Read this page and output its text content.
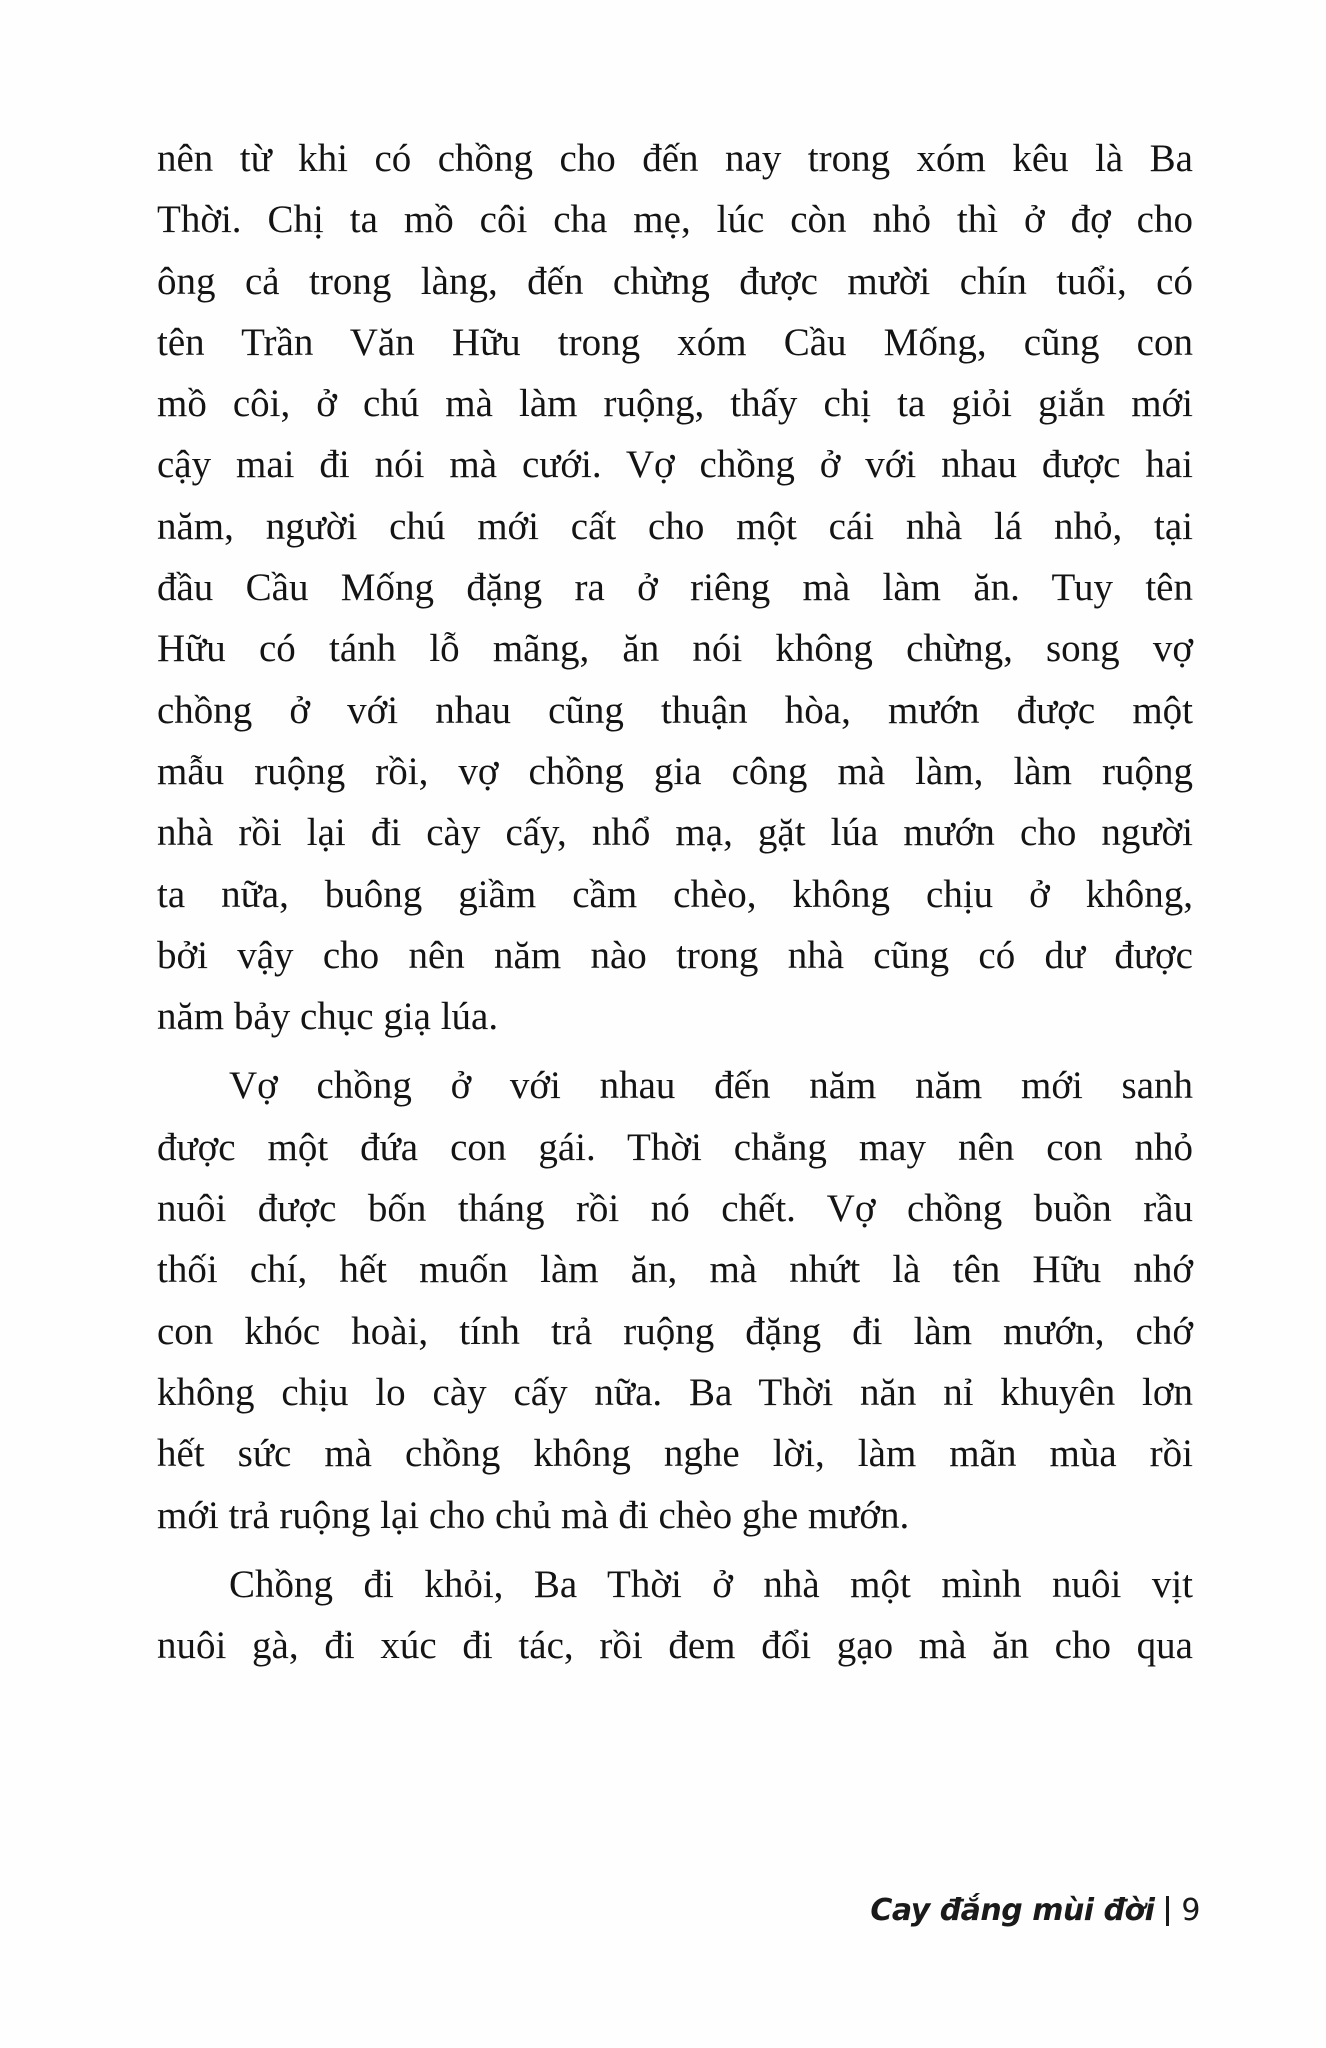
nên từ khi có chồng cho đến nay trong xóm kêu là Ba
Thời. Chị ta mồ côi cha mẹ, lúc còn nhỏ thì ở đợ cho
ông cả trong làng, đến chừng được mười chín tuổi, có
tên Trần Văn Hữu trong xóm Cầu Mống, cũng con
mồ côi, ở chú mà làm ruộng, thấy chị ta giỏi giắn mới
cậy mai đi nói mà cưới. Vợ chồng ở với nhau được hai
năm, người chú mới cất cho một cái nhà lá nhỏ, tại
đầu Cầu Mống đặng ra ở riêng mà làm ăn. Tuy tên
Hữu có tánh lỗ mãng, ăn nói không chừng, song vợ
chồng ở với nhau cũng thuận hòa, mướn được một
mẫu ruộng rồi, vợ chồng gia công mà làm, làm ruộng
nhà rồi lại đi cày cấy, nhổ mạ, gặt lúa mướn cho người
ta nữa, buông giầm cầm chèo, không chịu ở không,
bởi vậy cho nên năm nào trong nhà cũng có dư được
năm bảy chục giạ lúa.
Vợ chồng ở với nhau đến năm năm mới sanh
được một đứa con gái. Thời chẳng may nên con nhỏ
nuôi được bốn tháng rồi nó chết. Vợ chồng buồn rầu
thối chí, hết muốn làm ăn, mà nhứt là tên Hữu nhớ
con khóc hoài, tính trả ruộng đặng đi làm mướn, chớ
không chịu lo cày cấy nữa. Ba Thời năn nỉ khuyên lơn
hết sức mà chồng không nghe lời, làm mãn mùa rồi
mới trả ruộng lại cho chủ mà đi chèo ghe mướn.
Chồng đi khỏi, Ba Thời ở nhà một mình nuôi vịt
nuôi gà, đi xúc đi tác, rồi đem đổi gạo mà ăn cho qua
Cay đắng mùi đời 9
